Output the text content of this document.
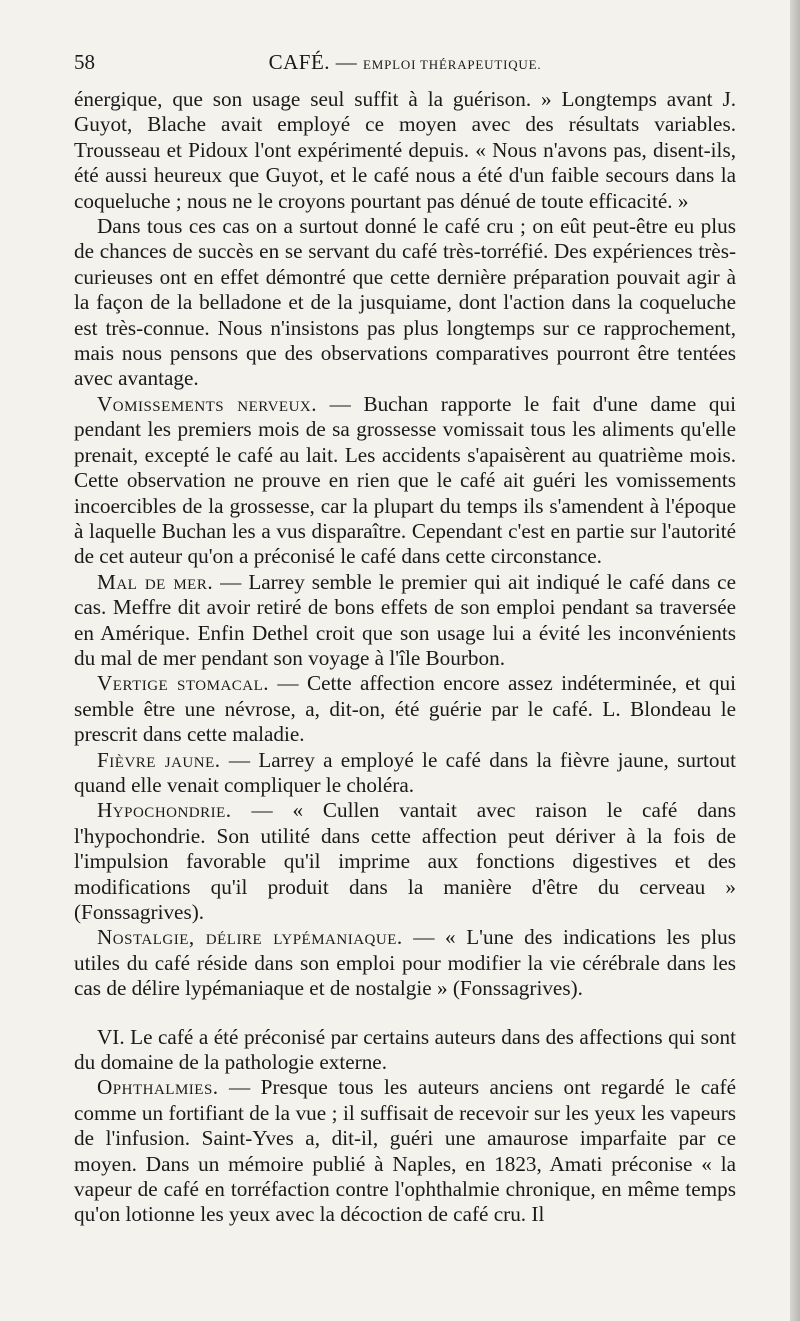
58	CAFÉ. — EMPLOI THÉRAPEUTIQUE.

énergique, que son usage seul suffit à la guérison. » Longtemps avant J. Guyot, Blache avait employé ce moyen avec des résultats variables. Trousseau et Pidoux l'ont expérimenté depuis. « Nous n'avons pas, disent-ils, été aussi heureux que Guyot, et le café nous a été d'un faible secours dans la coqueluche ; nous ne le croyons pourtant pas dénué de toute efficacité. »

Dans tous ces cas on a surtout donné le café cru ; on eût peut-être eu plus de chances de succès en se servant du café très-torréfié. Des expériences très-curieuses ont en effet démontré que cette dernière préparation pouvait agir à la façon de la belladone et de la jusquiame, dont l'action dans la coqueluche est très-connue. Nous n'insistons pas plus longtemps sur ce rapprochement, mais nous pensons que des observations comparatives pourront être tentées avec avantage.

Vomissements nerveux. — Buchan rapporte le fait d'une dame qui pendant les premiers mois de sa grossesse vomissait tous les aliments qu'elle prenait, excepté le café au lait. Les accidents s'apaisèrent au quatrième mois. Cette observation ne prouve en rien que le café ait guéri les vomissements incoercibles de la grossesse, car la plupart du temps ils s'amendent à l'époque à laquelle Buchan les a vus disparaître. Cependant c'est en partie sur l'autorité de cet auteur qu'on a préconisé le café dans cette circonstance.

Mal de mer. — Larrey semble le premier qui ait indiqué le café dans ce cas. Meffre dit avoir retiré de bons effets de son emploi pendant sa traversée en Amérique. Enfin Dethel croit que son usage lui a évité les inconvénients du mal de mer pendant son voyage à l'île Bourbon.

Vertige stomacal. — Cette affection encore assez indéterminée, et qui semble être une névrose, a, dit-on, été guérie par le café. L. Blondeau le prescrit dans cette maladie.

Fièvre jaune. — Larrey a employé le café dans la fièvre jaune, surtout quand elle venait compliquer le choléra.

Hypochondrie. — « Cullen vantait avec raison le café dans l'hypochondrie. Son utilité dans cette affection peut dériver à la fois de l'impulsion favorable qu'il imprime aux fonctions digestives et des modifications qu'il produit dans la manière d'être du cerveau » (Fonssagrives).

Nostalgie, délire lypémaniaque. — « L'une des indications les plus utiles du café réside dans son emploi pour modifier la vie cérébrale dans les cas de délire lypémaniaque et de nostalgie » (Fonssagrives).

VI. Le café a été préconisé par certains auteurs dans des affections qui sont du domaine de la pathologie externe.

Ophthalmies. — Presque tous les auteurs anciens ont regardé le café comme un fortifiant de la vue ; il suffisait de recevoir sur les yeux les vapeurs de l'infusion. Saint-Yves a, dit-il, guéri une amaurose imparfaite par ce moyen. Dans un mémoire publié à Naples, en 1823, Amati préconise « la vapeur de café en torréfaction contre l'ophthalmie chronique, en même temps qu'on lotionne les yeux avec la décoction de café cru. Il
